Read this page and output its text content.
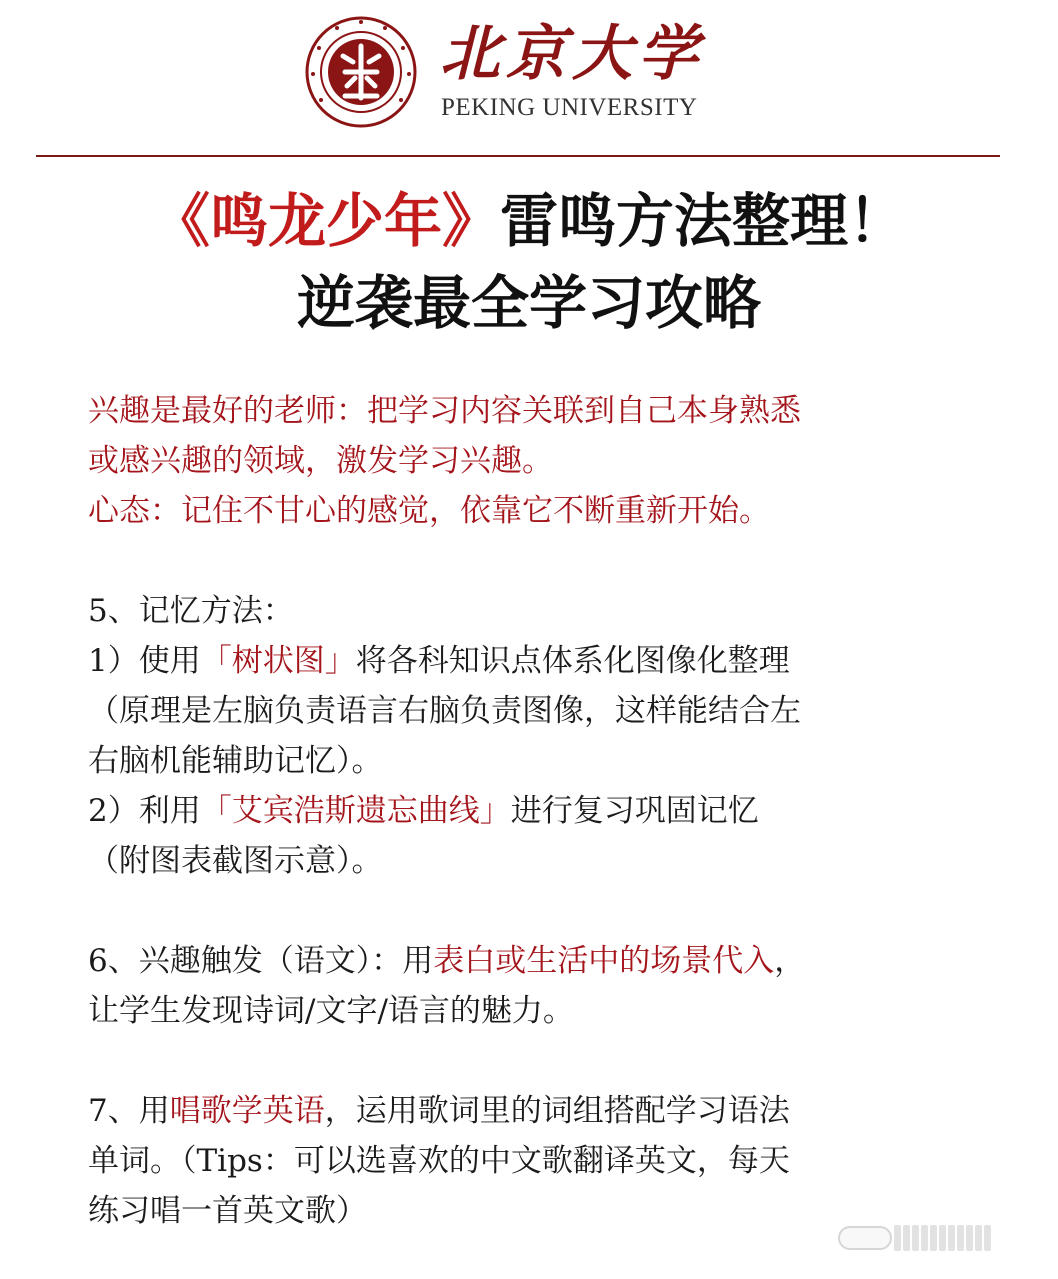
北京大学
PEKING UNIVERSITY
《鸣龙少年》雷鸣方法整理！
逆袭最全学习攻略

兴趣是最好的老师：把学习内容关联到自己本身熟悉

或感兴趣的领域，激发学习兴趣。

心态：记住不甘心的感觉，依靠它不断重新开始。

5、记忆方法：

1）使用「树状图」将各科知识点体系化图像化整理

（原理是左脑负责语言右脑负责图像，这样能结合左

右脑机能辅助记忆）。

2）利用「艾宾浩斯遗忘曲线」进行复习巩固记忆

（附图表截图示意）。

6、兴趣触发（语文）：用表白或生活中的场景代入，

让学生发现诗词/文字/语言的魅力。

7、用唱歌学英语，运用歌词里的词组搭配学习语法

单词。（Tips：可以选喜欢的中文歌翻译英文，每天

练习唱一首英文歌）
